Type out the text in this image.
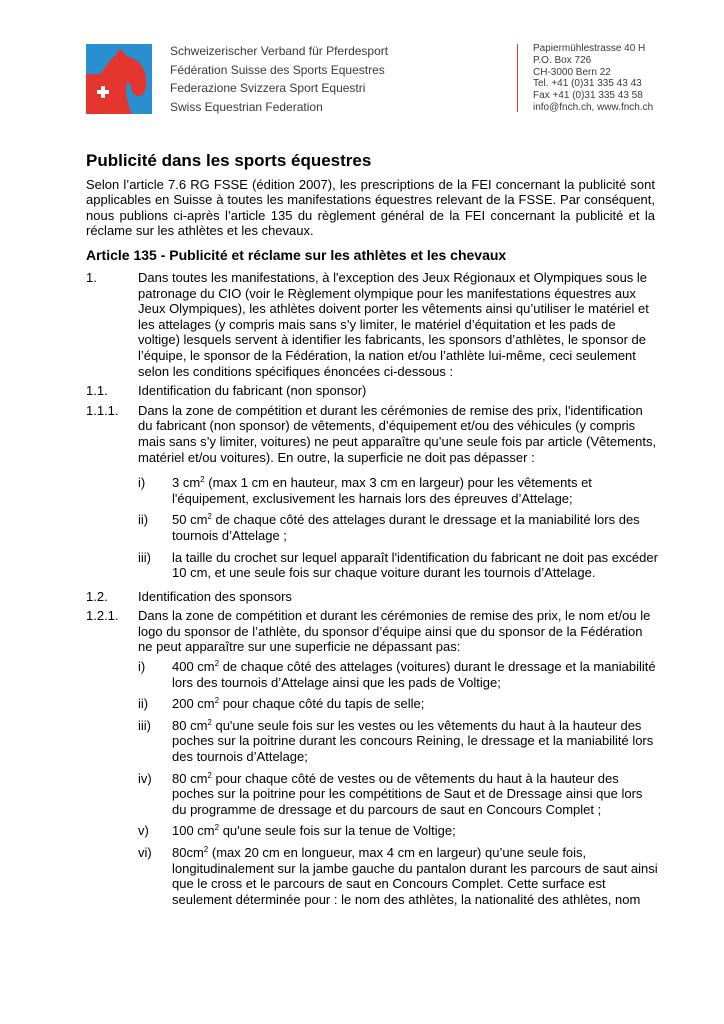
Schweizerischer Verband für Pferdesport
Fédération Suisse des Sports Equestres
Federazione Svizzera Sport Equestri
Swiss Equestrian Federation
Papiermühlestrasse 40 H
P.O. Box 726
CH-3000 Bern 22
Tel. +41 (0)31 335 43 43
Fax +41 (0)31 335 43 58
info@fnch.ch, www.fnch.ch
Publicité dans les sports équestres

Selon l’article 7.6 RG FSSE (édition 2007), les prescriptions de la FEI concernant la publicité sont applicables en Suisse à toutes les manifestations équestres relevant de la FSSE. Par conséquent, nous publions ci-après l’article 135 du règlement général de la FEI concernant la publicité et la réclame sur les athlètes et les chevaux.

Article 135 - Publicité et réclame sur les athlètes et les chevaux
1.	Dans toutes les manifestations, à l'exception des Jeux Régionaux et Olympiques sous le patronage du CIO (voir le Règlement olympique pour les manifestations équestres aux Jeux Olympiques), les athlètes doivent porter les vêtements ainsi qu’utiliser le matériel et les attelages (y compris mais sans s’y limiter, le matériel d’équitation et les pads de voltige) lesquels servent à identifier les fabricants, les sponsors d’athlètes, le sponsor de l’équipe, le sponsor de la Fédération, la nation et/ou l’athlète lui-même, ceci seulement selon les conditions spécifiques énoncées ci-dessous :
1.1. Identification du fabricant (non sponsor)
1.1.1. Dans la zone de compétition et durant les cérémonies de remise des prix, l'identification du fabricant (non sponsor) de vêtements, d’équipement et/ou des véhicules (y compris mais sans s’y limiter, voitures) ne peut apparaître qu’une seule fois par article (Vêtements, matériel et/ou voitures). En outre, la superficie ne doit pas dépasser :
i) 3 $cm^2$ (max 1 cm en hauteur, max 3 cm en largeur) pour les vêtements et l'équipement, exclusivement les harnais lors des épreuves d’Attelage;
ii) 50 $cm^2$ de chaque côté des attelages durant le dressage et la maniabilité lors des tournois d’Attelage ;
iii) la taille du crochet sur lequel apparaît l'identification du fabricant ne doit pas excéder 10 cm, et une seule fois sur chaque voiture durant les tournois d’Attelage.
1.2. Identification des sponsors
1.2.1. Dans la zone de compétition et durant les cérémonies de remise des prix, le nom et/ou le logo du sponsor de l’athlète, du sponsor d’équipe ainsi que du sponsor de la Fédération ne peut apparaître sur une superficie ne dépassant pas:
i) 400 $cm^2$ de chaque côté des attelages (voitures) durant le dressage et la maniabilité lors des tournois d’Attelage ainsi que les pads de Voltige;
ii) 200 $cm^2$ pour chaque côté du tapis de selle;
iii) 80 $cm^2$ qu'une seule fois sur les vestes ou les vêtements du haut à la hauteur des poches sur la poitrine durant les concours Reining, le dressage et la maniabilité lors des tournois d’Attelage;
iv) 80 $cm^2$ pour chaque côté de vestes ou de vêtements du haut à la hauteur des poches sur la poitrine pour les compétitions de Saut et de Dressage ainsi que lors du programme de dressage et du parcours de saut en Concours Complet ;
v) 100 $cm^2$ qu'une seule fois sur la tenue de Voltige;
vi) $80cm^2$ (max 20 cm en longueur, max 4 cm en largeur) qu’une seule fois, longitudinalement sur la jambe gauche du pantalon durant les parcours de saut ainsi que le cross et le parcours de saut en Concours Complet. Cette surface est seulement déterminée pour : le nom des athlètes, la nationalité des athlètes, nom
